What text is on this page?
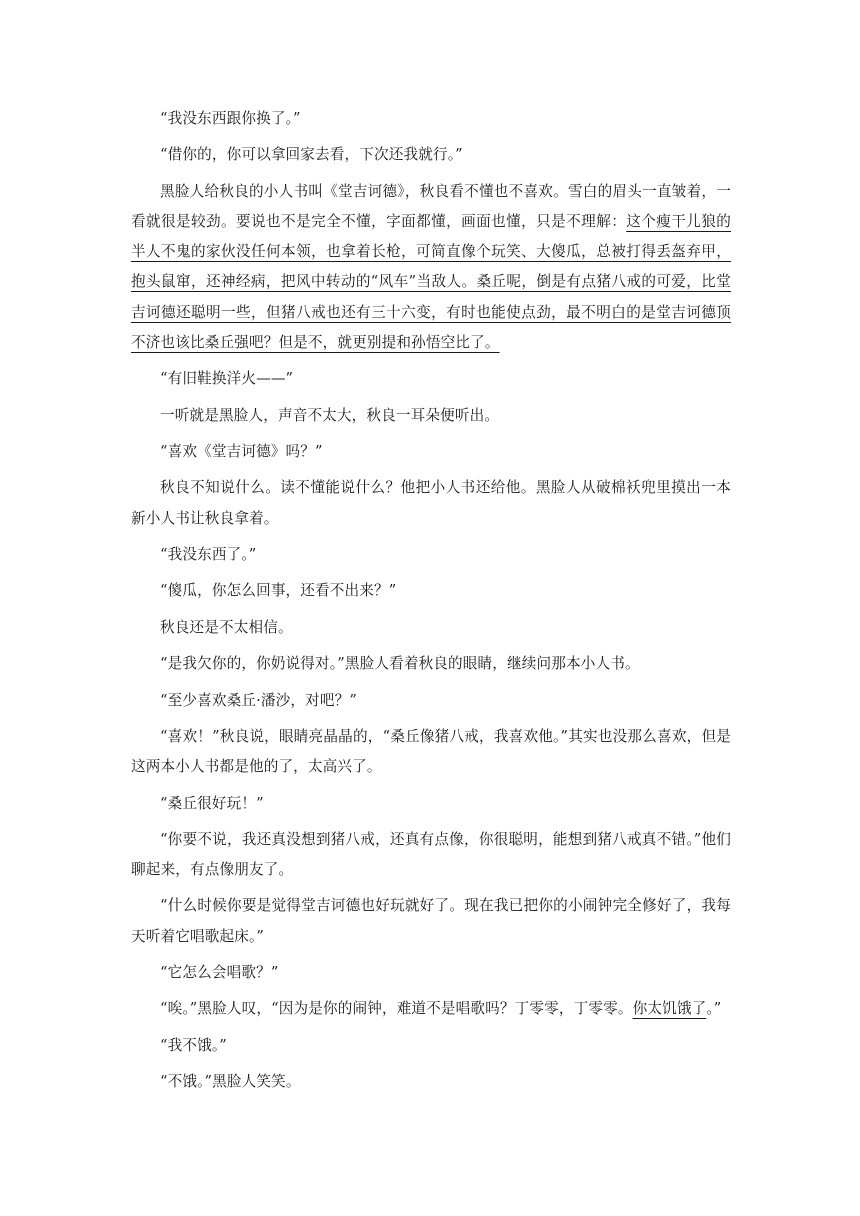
“我没东西跟你换了。”

“借你的，你可以拿回家去看，下次还我就行。”

黑脸人给秋良的小人书叫《堂吉诃德》，秋良看不懂也不喜欢。雪白的眉头一直皱着，一看就很是较劲。要说也不是完全不懂，字面都懂，画面也懂，只是不理解：这个瘦干儿狼的半人不鬼的家伙没任何本领，也拿着长枪，可简直像个玩笑、大傻瓜，总被打得丢盔弃甲，抱头鼠窜，还神经病，把风中转动的“风车”当敌人。桑丘呢，倒是有点猪八戒的可爱，比堂吉诃德还聪明一些，但猪八戒也还有三十六变，有时也能使点劲，最不明白的是堂吉诃德顶不济也该比桑丘强吧？但是不，就更别提和孙悟空比了。

“有旧鞋换洋火——”

一听就是黑脸人，声音不太大，秋良一耳朵便听出。

“喜欢《堂吉诃德》吗？”

秋良不知说什么。读不懂能说什么？他把小人书还给他。黑脸人从破棉袄兜里摸出一本新小人书让秋良拿着。

“我没东西了。”

“傻瓜，你怎么回事，还看不出来？”

秋良还是不太相信。

“是我欠你的，你奶说得对。”黑脸人看着秋良的眼睛，继续问那本小人书。

“至少喜欢桑丘·潘沙，对吧？”

“喜欢！”秋良说，眼睛亮晶晶的，“桑丘像猪八戒，我喜欢他。”其实也没那么喜欢，但是这两本小人书都是他的了，太高兴了。

“桑丘很好玩！”

“你要不说，我还真没想到猪八戒，还真有点像，你很聪明，能想到猪八戒真不错。”他们聊起来，有点像朋友了。

“什么时候你要是觉得堂吉诃德也好玩就好了。现在我已把你的小闹钟完全修好了，我每天听着它唱歌起床。”

“它怎么会唱歌？”

“唉。”黑脸人叹，“因为是你的闹钟，难道不是唱歌吗？丁零零，丁零零。你太饥饿了。”

“我不饿。”

“不饿。”黑脸人笑笑。
